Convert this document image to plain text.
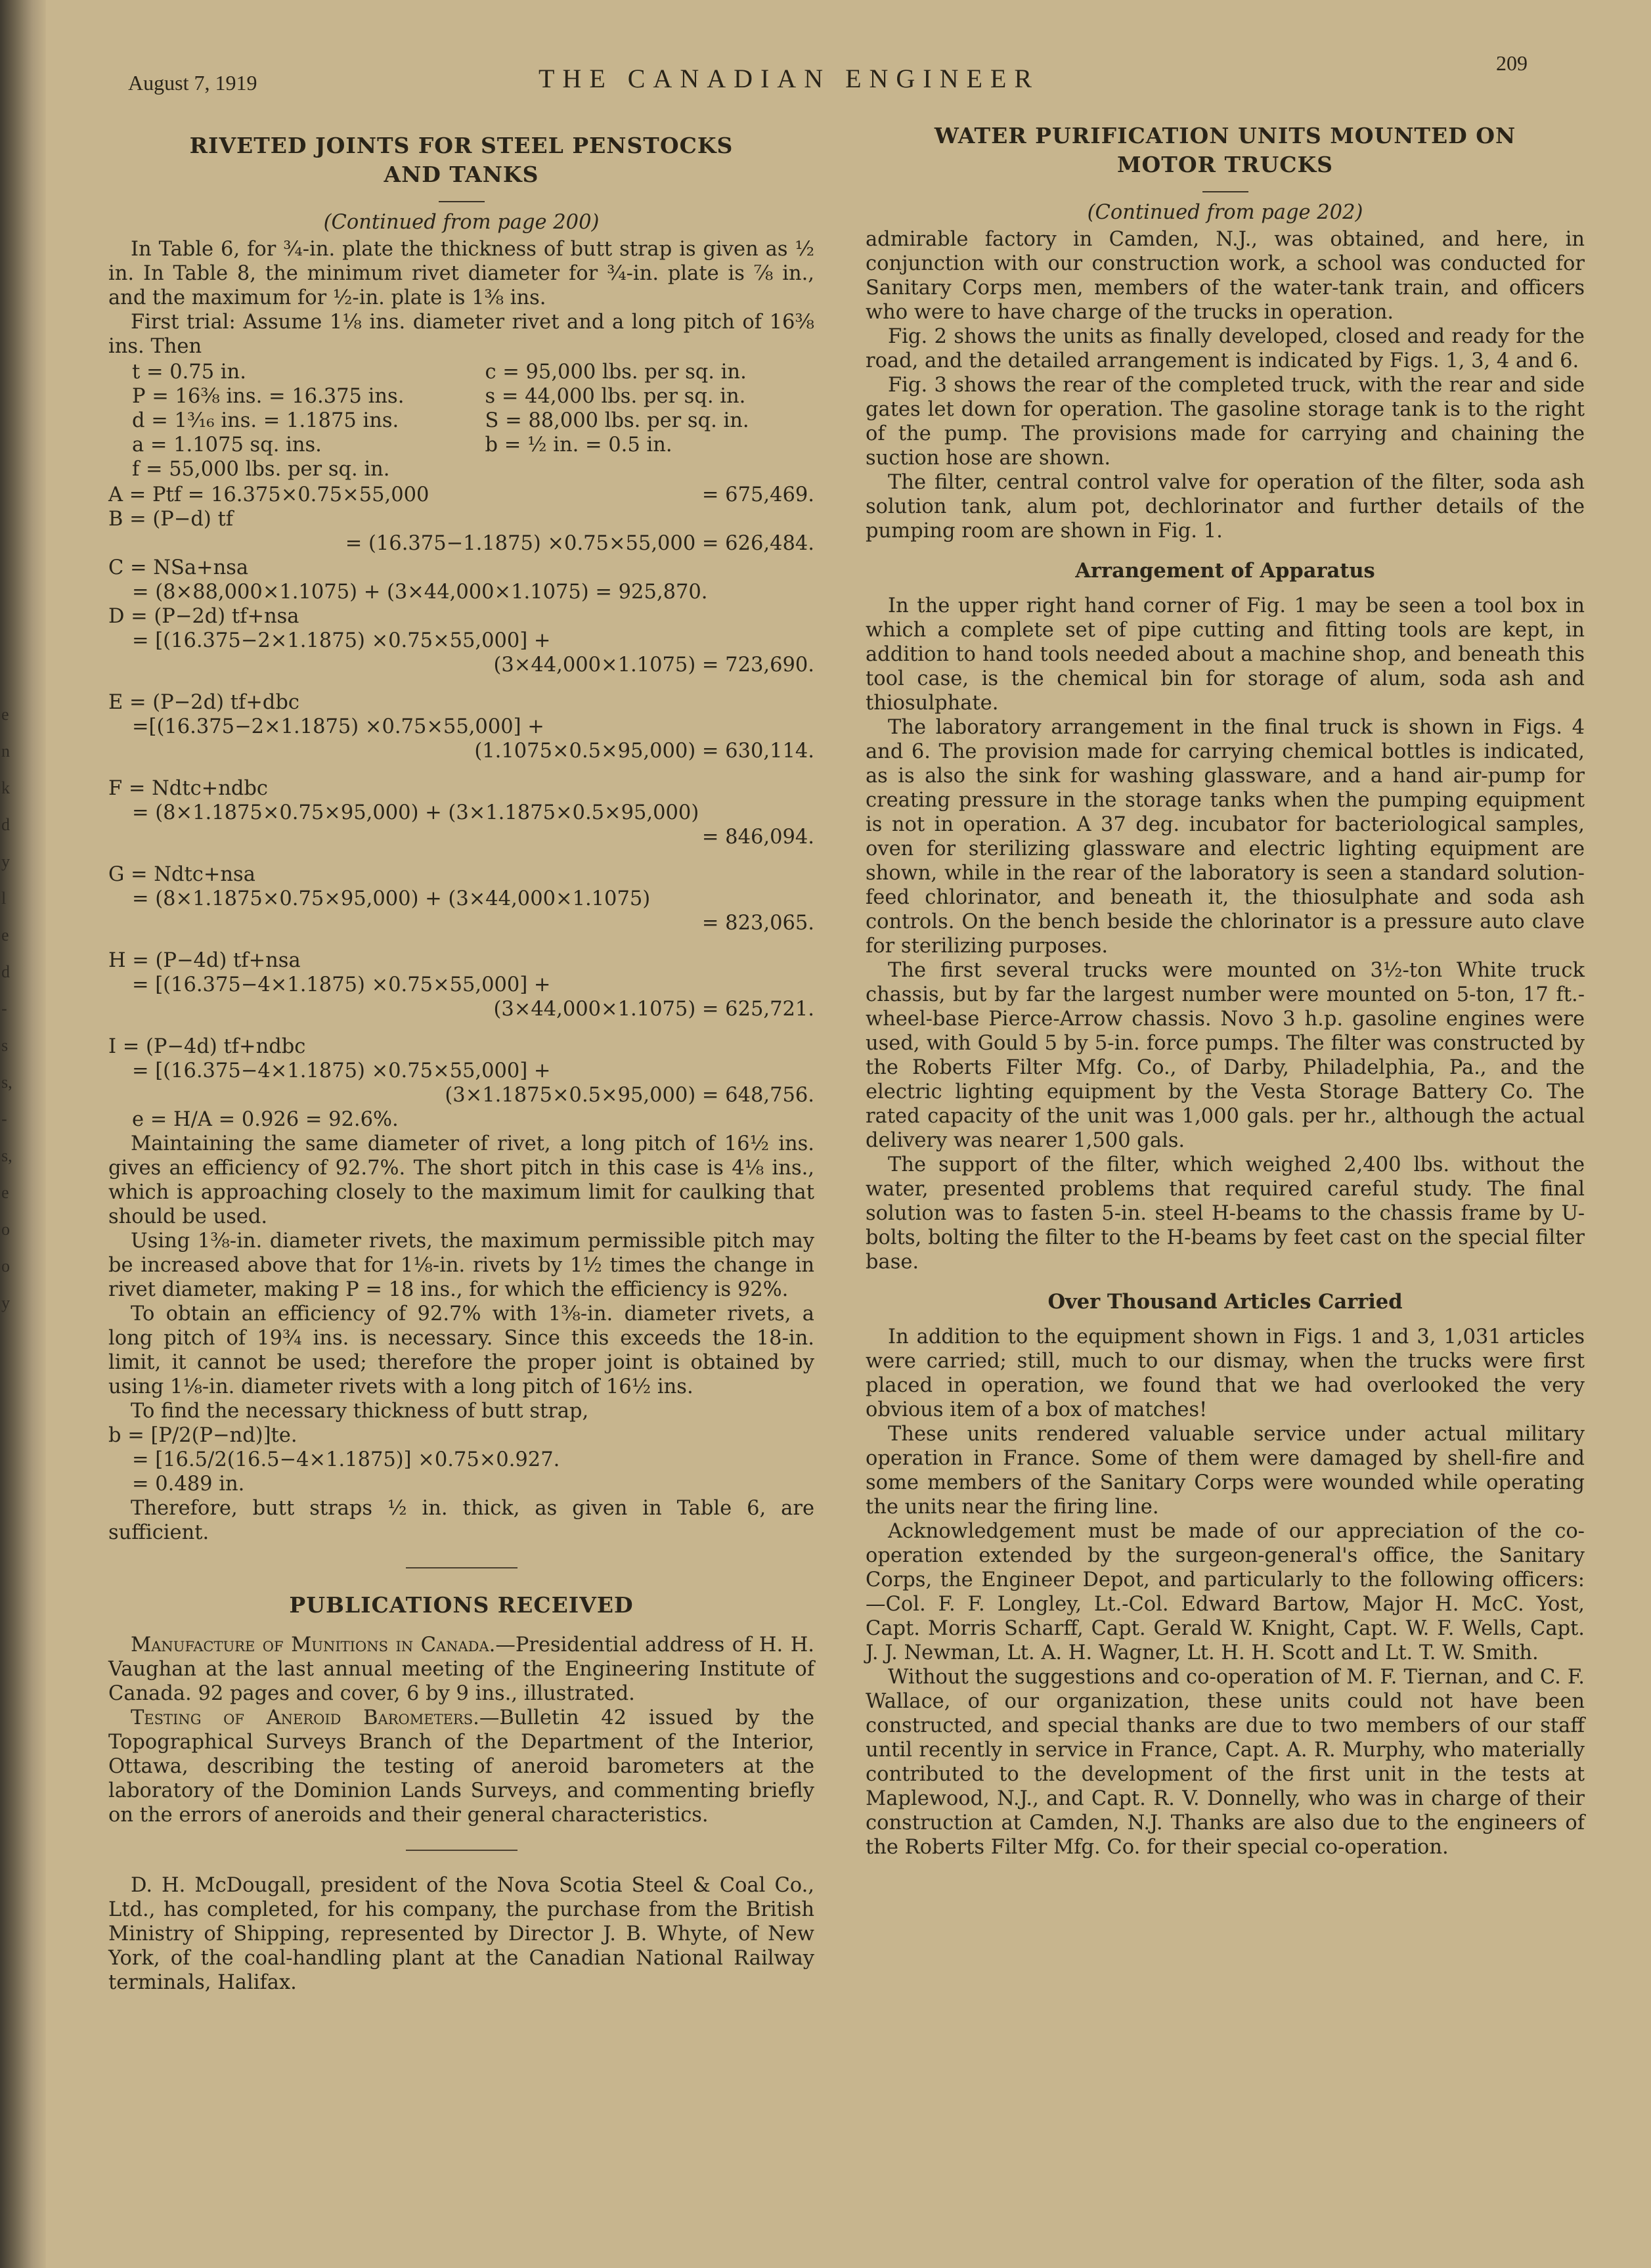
e
n
k
d
y
l
e
d
-
s
s,
-
s,
e
o
o
y
August 7, 1919	THE CANADIAN ENGINEER
209
RIVETED JOINTS FOR STEEL PENSTOCKS
AND TANKS
(Continued from page 200)

In Table 6, for ¾-in. plate the thickness of butt strap is given as ½ in. In Table 8, the minimum rivet diameter for ¾-in. plate is ⅞ in., and the maximum for ½-in. plate is 1⅜ ins.

First trial: Assume 1⅛ ins. diameter rivet and a long pitch of 16⅜ ins. Then

t = 0.75 in.	c = 95,000 lbs. per sq. in.
P = 16⅜ ins. = 16.375 ins.	s = 44,000 lbs. per sq. in.
d = 1³⁄₁₆ ins. = 1.1875 ins.	S = 88,000 lbs. per sq. in.
a = 1.1075 sq. ins.	b = ½ in. = 0.5 in.
f = 55,000 lbs. per sq. in.
A = Ptf = 16.375×0.75×55,000	= 675,469.
B = (P−d) tf
= (16.375−1.1875) ×0.75×55,000 = 626,484.
C = NSa+nsa
= (8×88,000×1.1075) + (3×44,000×1.1075) = 925,870.
D = (P−2d) tf+nsa
= [(16.375−2×1.1875) ×0.75×55,000] +
(3×44,000×1.1075) = 723,690.
E = (P−2d) tf+dbc
=[(16.375−2×1.1875) ×0.75×55,000] +
(1.1075×0.5×95,000) = 630,114.
F = Ndtc+ndbc
= (8×1.1875×0.75×95,000) + (3×1.1875×0.5×95,000)
= 846,094.
G = Ndtc+nsa
= (8×1.1875×0.75×95,000) + (3×44,000×1.1075)
= 823,065.
H = (P−4d) tf+nsa
= [(16.375−4×1.1875) ×0.75×55,000] +
(3×44,000×1.1075) = 625,721.
I = (P−4d) tf+ndbc
= [(16.375−4×1.1875) ×0.75×55,000] +
(3×1.1875×0.5×95,000) = 648,756.
e = H/A = 0.926 = 92.6%.

Maintaining the same diameter of rivet, a long pitch of 16½ ins. gives an efficiency of 92.7%. The short pitch in this case is 4⅛ ins., which is approaching closely to the maximum limit for caulking that should be used.

Using 1⅜-in. diameter rivets, the maximum permissible pitch may be increased above that for 1⅛-in. rivets by 1½ times the change in rivet diameter, making P = 18 ins., for which the efficiency is 92%.

To obtain an efficiency of 92.7% with 1⅜-in. diameter rivets, a long pitch of 19¾ ins. is necessary. Since this exceeds the 18-in. limit, it cannot be used; therefore the proper joint is obtained by using 1⅛-in. diameter rivets with a long pitch of 16½ ins.

To find the necessary thickness of butt strap,

b = [P/2(P−nd)]te.
= [16.5/2(16.5−4×1.1875)] ×0.75×0.927.
= 0.489 in.

Therefore, butt straps ½ in. thick, as given in Table 6, are sufficient.

PUBLICATIONS RECEIVED

Manufacture of Munitions in Canada.—Presidential address of H. H. Vaughan at the last annual meeting of the Engineering Institute of Canada. 92 pages and cover, 6 by 9 ins., illustrated.

Testing of Aneroid Barometers.—Bulletin 42 issued by the Topographical Surveys Branch of the Department of the Interior, Ottawa, describing the testing of aneroid barometers at the laboratory of the Dominion Lands Surveys, and commenting briefly on the errors of aneroids and their general characteristics.

D. H. McDougall, president of the Nova Scotia Steel & Coal Co., Ltd., has completed, for his company, the purchase from the British Ministry of Shipping, represented by Director J. B. Whyte, of New York, of the coal-handling plant at the Canadian National Railway terminals, Halifax.

WATER PURIFICATION UNITS MOUNTED ON
MOTOR TRUCKS
(Continued from page 202)

admirable factory in Camden, N.J., was obtained, and here, in conjunction with our construction work, a school was conducted for Sanitary Corps men, members of the water-tank train, and officers who were to have charge of the trucks in operation.

Fig. 2 shows the units as finally developed, closed and ready for the road, and the detailed arrangement is indicated by Figs. 1, 3, 4 and 6.

Fig. 3 shows the rear of the completed truck, with the rear and side gates let down for operation. The gasoline storage tank is to the right of the pump. The provisions made for carrying and chaining the suction hose are shown.

The filter, central control valve for operation of the filter, soda ash solution tank, alum pot, dechlorinator and further details of the pumping room are shown in Fig. 1.

Arrangement of Apparatus

In the upper right hand corner of Fig. 1 may be seen a tool box in which a complete set of pipe cutting and fitting tools are kept, in addition to hand tools needed about a machine shop, and beneath this tool case, is the chemical bin for storage of alum, soda ash and thiosulphate.

The laboratory arrangement in the final truck is shown in Figs. 4 and 6. The provision made for carrying chemical bottles is indicated, as is also the sink for washing glassware, and a hand air-pump for creating pressure in the storage tanks when the pumping equipment is not in operation. A 37 deg. incubator for bacteriological samples, oven for sterilizing glassware and electric lighting equipment are shown, while in the rear of the laboratory is seen a standard solution-feed chlorinator, and beneath it, the thiosulphate and soda ash controls. On the bench beside the chlorinator is a pressure auto clave for sterilizing purposes.

The first several trucks were mounted on 3½-ton White truck chassis, but by far the largest number were mounted on 5-ton, 17 ft.-wheel-base Pierce-Arrow chassis. Novo 3 h.p. gasoline engines were used, with Gould 5 by 5-in. force pumps. The filter was constructed by the Roberts Filter Mfg. Co., of Darby, Philadelphia, Pa., and the electric lighting equipment by the Vesta Storage Battery Co. The rated capacity of the unit was 1,000 gals. per hr., although the actual delivery was nearer 1,500 gals.

The support of the filter, which weighed 2,400 lbs. without the water, presented problems that required careful study. The final solution was to fasten 5-in. steel H-beams to the chassis frame by U-bolts, bolting the filter to the H-beams by feet cast on the special filter base.

Over Thousand Articles Carried

In addition to the equipment shown in Figs. 1 and 3, 1,031 articles were carried; still, much to our dismay, when the trucks were first placed in operation, we found that we had overlooked the very obvious item of a box of matches!

These units rendered valuable service under actual military operation in France. Some of them were damaged by shell-fire and some members of the Sanitary Corps were wounded while operating the units near the firing line.

Acknowledgement must be made of our appreciation of the co-operation extended by the surgeon-general's office, the Sanitary Corps, the Engineer Depot, and particularly to the following officers:—Col. F. F. Longley, Lt.-Col. Edward Bartow, Major H. McC. Yost, Capt. Morris Scharff, Capt. Gerald W. Knight, Capt. W. F. Wells, Capt. J. J. Newman, Lt. A. H. Wagner, Lt. H. H. Scott and Lt. T. W. Smith.

Without the suggestions and co-operation of M. F. Tiernan, and C. F. Wallace, of our organization, these units could not have been constructed, and special thanks are due to two members of our staff until recently in service in France, Capt. A. R. Murphy, who materially contributed to the development of the first unit in the tests at Maplewood, N.J., and Capt. R. V. Donnelly, who was in charge of their construction at Camden, N.J. Thanks are also due to the engineers of the Roberts Filter Mfg. Co. for their special co-operation.
